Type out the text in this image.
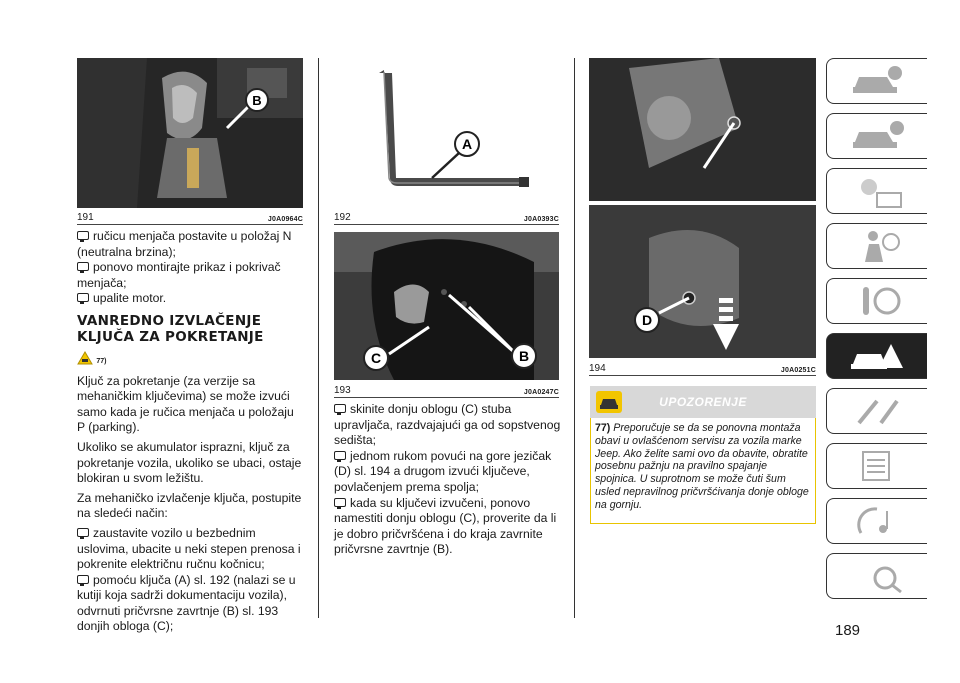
B
191	J0A0964C

ručicu menjača postavite u položaj N (neutralna brzina);

ponovo montirajte prikaz i pokrivač menjača;

upalite motor.

VANREDNO IZVLAČENJE KLJUČA ZA POKRETANJE

77)

Ključ za pokretanje (za verzije sa mehaničkim ključevima) se može izvući samo kada je ručica menjača u položaju P (parking).

Ukoliko se akumulator isprazni, ključ za pokretanje vozila, ukoliko se ubaci, ostaje blokiran u svom ležištu.

Za mehaničko izvlačenje ključa, postupite na sledeći način:

zaustavite vozilo u bezbednim uslovima, ubacite u neki stepen prenosa i pokrenite električnu ručnu kočnicu;

pomoću ključa (A) sl. 192 (nalazi se u kutiji koja sadrži dokumentaciju vozila), odvrnuti pričvrsne zavrtnje (B) sl. 193 donjih obloga (C);

A
192	J0A0393C
C	B
193	J0A0247C

skinite donju oblogu (C) stuba upravljača, razdvajajući ga od sopstvenog sedišta;

jednom rukom povući na gore jezičak (D) sl. 194 a drugom izvući ključeve, povlačenjem prema spolja;

kada su ključevi izvučeni, ponovo namestiti donju oblogu (C), proverite da li je dobro pričvršćena i do kraja zavrnite pričvrsne zavrtnje (B).

D
194	J0A0251C
UPOZORENJE
77) Preporučuje se da se ponovna montaža obavi u ovlašćenom servisu za vozila marke Jeep. Ako želite sami ovo da obavite, obratite posebnu pažnju na pravilno spajanje spojnica. U suprotnom se može čuti šum usled nepravilnog pričvršćivanja donje obloge na gornju.
189
